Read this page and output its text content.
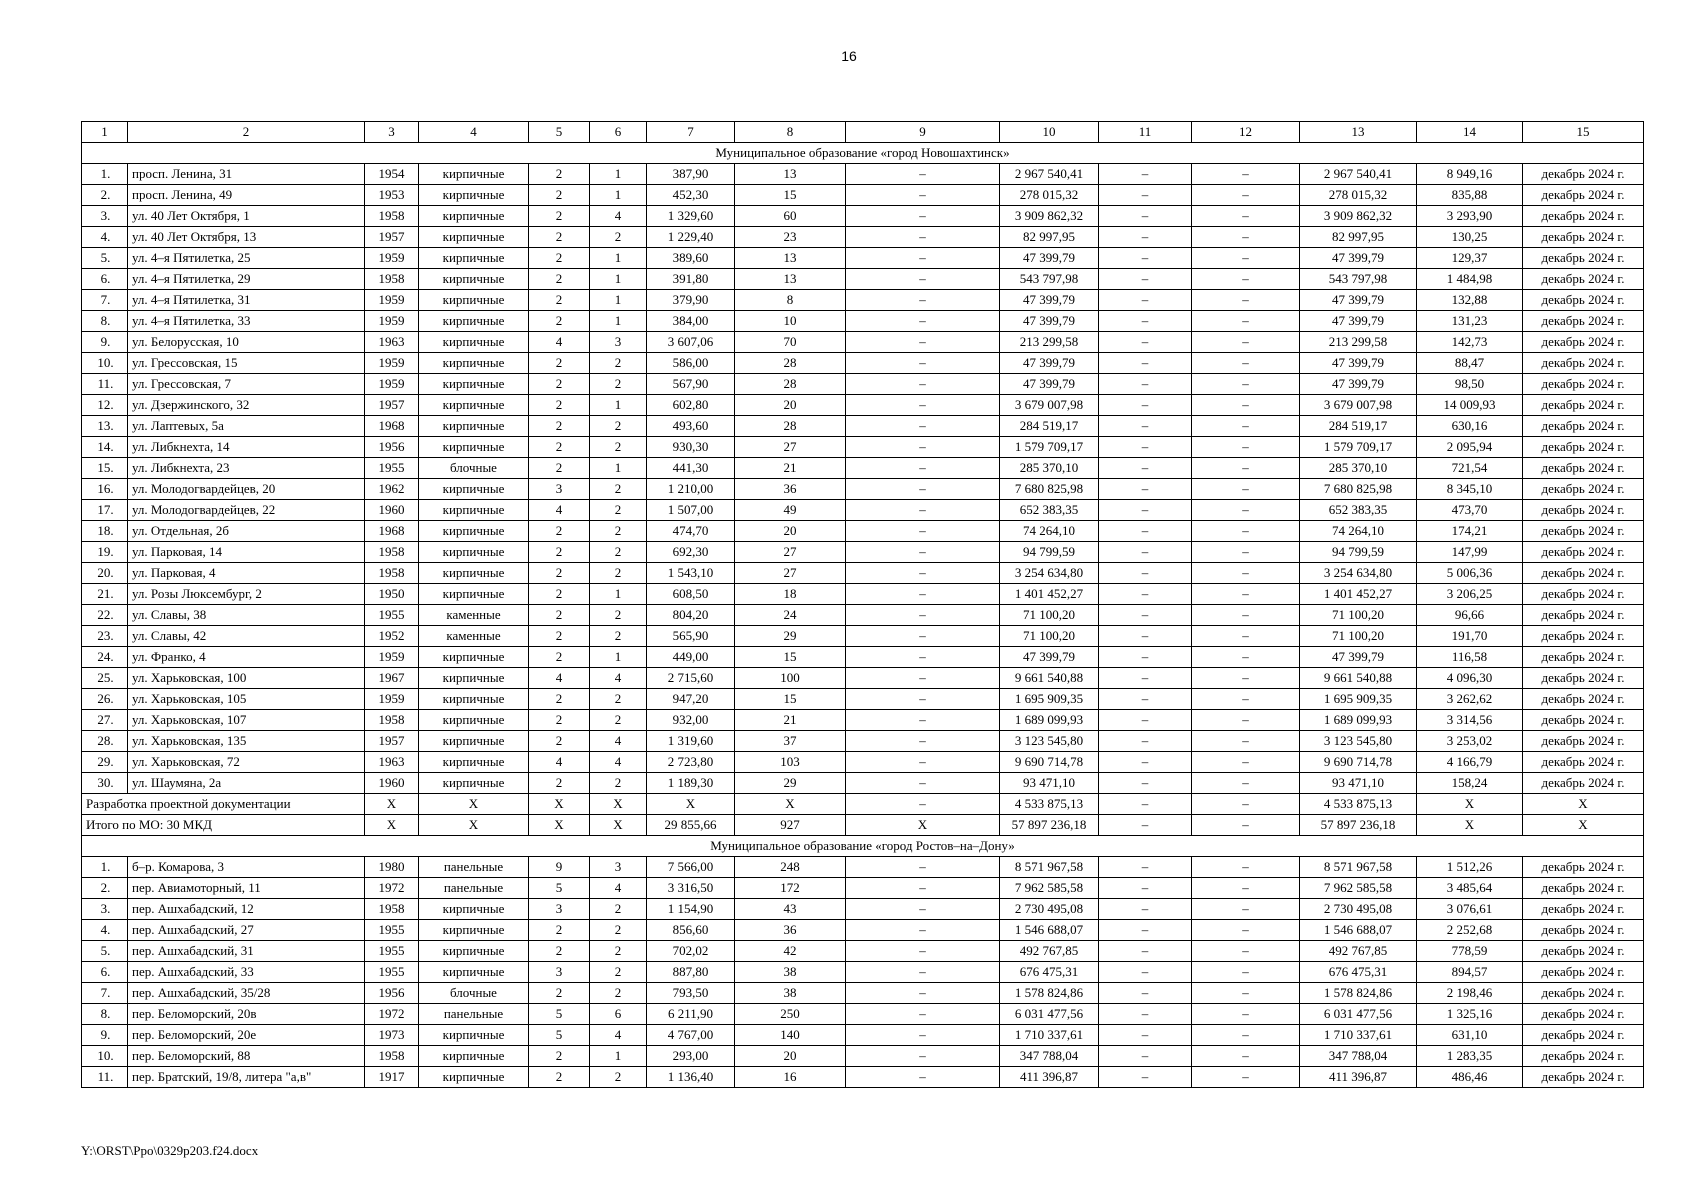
16
1	2	3	4	5	6	7	8	9	10	11	12	13	14	15
Муниципальное образование «город Новошахтинск»														
1.	просп. Ленина, 31	1954	кирпичные	2	1	387,90	13	–	2 967 540,41	–	–	2 967 540,41	8 949,16	декабрь 2024 г.
2.	просп. Ленина, 49	1953	кирпичные	2	1	452,30	15	–	278 015,32	–	–	278 015,32	835,88	декабрь 2024 г.
3.	ул. 40 Лет Октября, 1	1958	кирпичные	2	4	1 329,60	60	–	3 909 862,32	–	–	3 909 862,32	3 293,90	декабрь 2024 г.
4.	ул. 40 Лет Октября, 13	1957	кирпичные	2	2	1 229,40	23	–	82 997,95	–	–	82 997,95	130,25	декабрь 2024 г.
5.	ул. 4–я Пятилетка, 25	1959	кирпичные	2	1	389,60	13	–	47 399,79	–	–	47 399,79	129,37	декабрь 2024 г.
6.	ул. 4–я Пятилетка, 29	1958	кирпичные	2	1	391,80	13	–	543 797,98	–	–	543 797,98	1 484,98	декабрь 2024 г.
7.	ул. 4–я Пятилетка, 31	1959	кирпичные	2	1	379,90	8	–	47 399,79	–	–	47 399,79	132,88	декабрь 2024 г.
8.	ул. 4–я Пятилетка, 33	1959	кирпичные	2	1	384,00	10	–	47 399,79	–	–	47 399,79	131,23	декабрь 2024 г.
9.	ул. Белорусская, 10	1963	кирпичные	4	3	3 607,06	70	–	213 299,58	–	–	213 299,58	142,73	декабрь 2024 г.
10.	ул. Грессовская, 15	1959	кирпичные	2	2	586,00	28	–	47 399,79	–	–	47 399,79	88,47	декабрь 2024 г.
11.	ул. Грессовская, 7	1959	кирпичные	2	2	567,90	28	–	47 399,79	–	–	47 399,79	98,50	декабрь 2024 г.
12.	ул. Дзержинского, 32	1957	кирпичные	2	1	602,80	20	–	3 679 007,98	–	–	3 679 007,98	14 009,93	декабрь 2024 г.
13.	ул. Лаптевых, 5а	1968	кирпичные	2	2	493,60	28	–	284 519,17	–	–	284 519,17	630,16	декабрь 2024 г.
14.	ул. Либкнехта, 14	1956	кирпичные	2	2	930,30	27	–	1 579 709,17	–	–	1 579 709,17	2 095,94	декабрь 2024 г.
15.	ул. Либкнехта, 23	1955	блочные	2	1	441,30	21	–	285 370,10	–	–	285 370,10	721,54	декабрь 2024 г.
16.	ул. Молодогвардейцев, 20	1962	кирпичные	3	2	1 210,00	36	–	7 680 825,98	–	–	7 680 825,98	8 345,10	декабрь 2024 г.
17.	ул. Молодогвардейцев, 22	1960	кирпичные	4	2	1 507,00	49	–	652 383,35	–	–	652 383,35	473,70	декабрь 2024 г.
18.	ул. Отдельная, 2б	1968	кирпичные	2	2	474,70	20	–	74 264,10	–	–	74 264,10	174,21	декабрь 2024 г.
19.	ул. Парковая, 14	1958	кирпичные	2	2	692,30	27	–	94 799,59	–	–	94 799,59	147,99	декабрь 2024 г.
20.	ул. Парковая, 4	1958	кирпичные	2	2	1 543,10	27	–	3 254 634,80	–	–	3 254 634,80	5 006,36	декабрь 2024 г.
21.	ул. Розы Люксембург, 2	1950	кирпичные	2	1	608,50	18	–	1 401 452,27	–	–	1 401 452,27	3 206,25	декабрь 2024 г.
22.	ул. Славы, 38	1955	каменные	2	2	804,20	24	–	71 100,20	–	–	71 100,20	96,66	декабрь 2024 г.
23.	ул. Славы, 42	1952	каменные	2	2	565,90	29	–	71 100,20	–	–	71 100,20	191,70	декабрь 2024 г.
24.	ул. Франко, 4	1959	кирпичные	2	1	449,00	15	–	47 399,79	–	–	47 399,79	116,58	декабрь 2024 г.
25.	ул. Харьковская, 100	1967	кирпичные	4	4	2 715,60	100	–	9 661 540,88	–	–	9 661 540,88	4 096,30	декабрь 2024 г.
26.	ул. Харьковская, 105	1959	кирпичные	2	2	947,20	15	–	1 695 909,35	–	–	1 695 909,35	3 262,62	декабрь 2024 г.
27.	ул. Харьковская, 107	1958	кирпичные	2	2	932,00	21	–	1 689 099,93	–	–	1 689 099,93	3 314,56	декабрь 2024 г.
28.	ул. Харьковская, 135	1957	кирпичные	2	4	1 319,60	37	–	3 123 545,80	–	–	3 123 545,80	3 253,02	декабрь 2024 г.
29.	ул. Харьковская, 72	1963	кирпичные	4	4	2 723,80	103	–	9 690 714,78	–	–	9 690 714,78	4 166,79	декабрь 2024 г.
30.	ул. Шаумяна, 2а	1960	кирпичные	2	2	1 189,30	29	–	93 471,10	–	–	93 471,10	158,24	декабрь 2024 г.
Разработка проектной документации		X	X	X	X	X	X	–	4 533 875,13	–	–	4 533 875,13	X	X
Итого по МО: 30 МКД		X	X	X	X	29 855,66	927	X	57 897 236,18	–	–	57 897 236,18	X	X
Муниципальное образование «город Ростов–на–Дону»														
1.	б–р. Комарова, 3	1980	панельные	9	3	7 566,00	248	–	8 571 967,58	–	–	8 571 967,58	1 512,26	декабрь 2024 г.
2.	пер. Авиамоторный, 11	1972	панельные	5	4	3 316,50	172	–	7 962 585,58	–	–	7 962 585,58	3 485,64	декабрь 2024 г.
3.	пер. Ашхабадский, 12	1958	кирпичные	3	2	1 154,90	43	–	2 730 495,08	–	–	2 730 495,08	3 076,61	декабрь 2024 г.
4.	пер. Ашхабадский, 27	1955	кирпичные	2	2	856,60	36	–	1 546 688,07	–	–	1 546 688,07	2 252,68	декабрь 2024 г.
5.	пер. Ашхабадский, 31	1955	кирпичные	2	2	702,02	42	–	492 767,85	–	–	492 767,85	778,59	декабрь 2024 г.
6.	пер. Ашхабадский, 33	1955	кирпичные	3	2	887,80	38	–	676 475,31	–	–	676 475,31	894,57	декабрь 2024 г.
7.	пер. Ашхабадский, 35/28	1956	блочные	2	2	793,50	38	–	1 578 824,86	–	–	1 578 824,86	2 198,46	декабрь 2024 г.
8.	пер. Беломорский, 20в	1972	панельные	5	6	6 211,90	250	–	6 031 477,56	–	–	6 031 477,56	1 325,16	декабрь 2024 г.
9.	пер. Беломорский, 20е	1973	кирпичные	5	4	4 767,00	140	–	1 710 337,61	–	–	1 710 337,61	631,10	декабрь 2024 г.
10.	пер. Беломорский, 88	1958	кирпичные	2	1	293,00	20	–	347 788,04	–	–	347 788,04	1 283,35	декабрь 2024 г.
11.	пер. Братский, 19/8, литера "а,в"	1917	кирпичные	2	2	1 136,40	16	–	411 396,87	–	–	411 396,87	486,46	декабрь 2024 г.
Y:\ORST\Ppo\0329p203.f24.docx
